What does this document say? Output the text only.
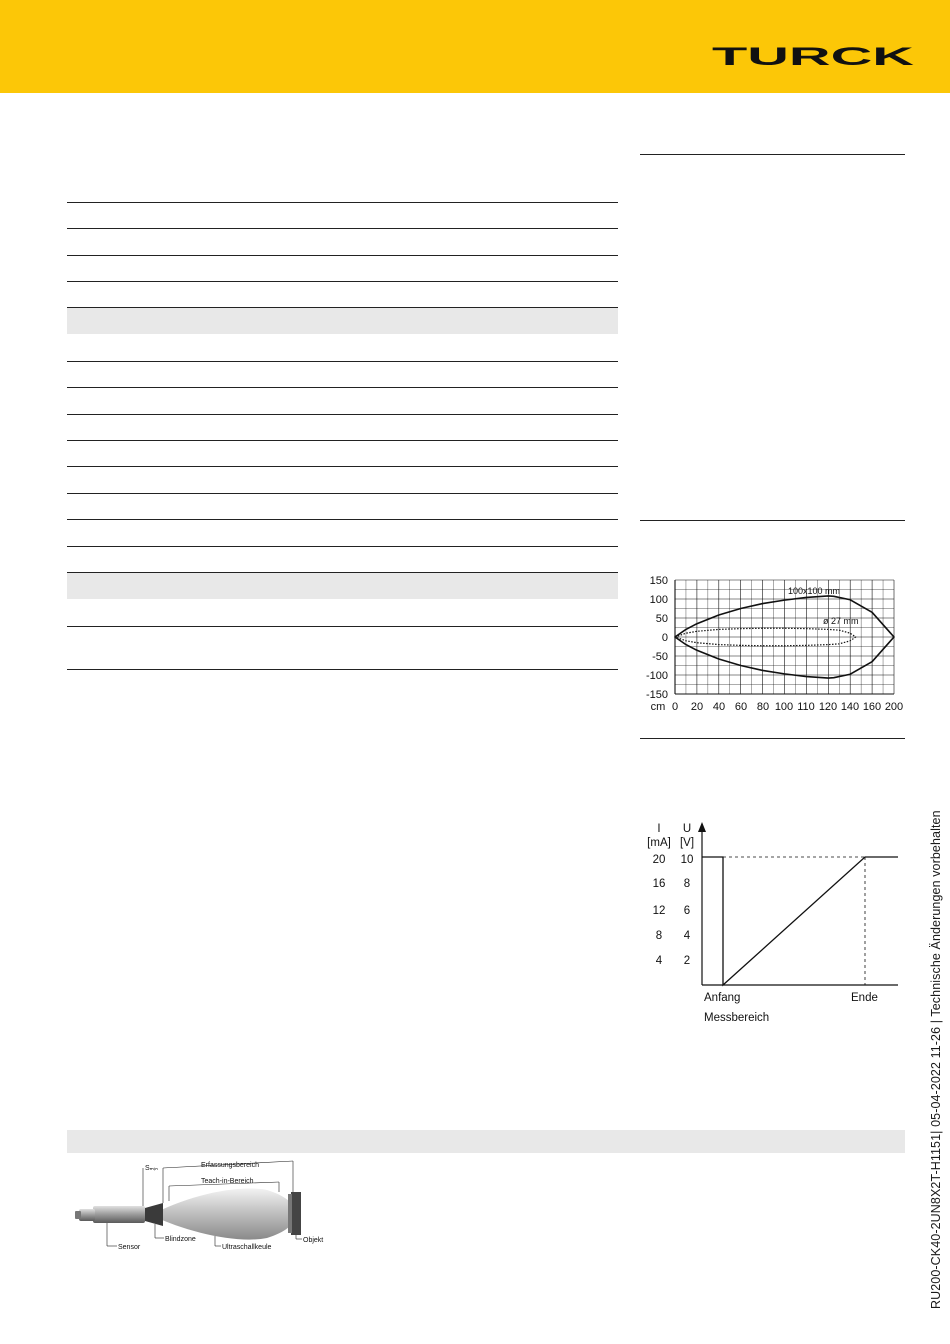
TURCK
150
100
50
0
-50
-100
-150
cm 0 20 40 60 80 100 110 120 140 160 200
100x100 mm
ø 27 mm
I
[mA]
U
[V]
20 10
16 8
12 6
8 4
4 2
Anfang	Ende
Messbereich
Sₘᵢₙ	Erfassungsbereich
Teach-in-Bereich
Sensor
Blindzone
Ultraschallkeule
Objekt	RU200-CK40-2UN8X2T-H1151| 05-04-2022 11-26 | Technische Änderungen vorbehalten
